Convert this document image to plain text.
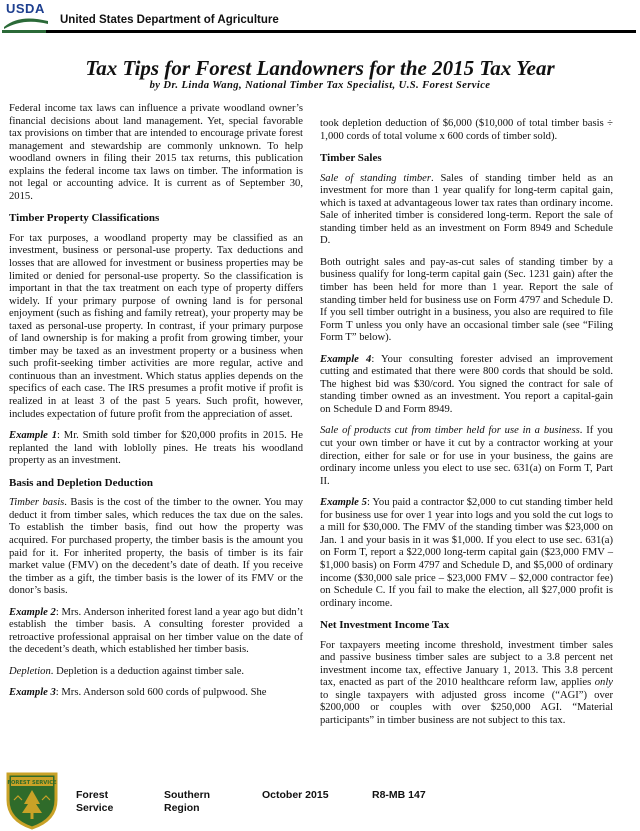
USDA
United States Department of Agriculture
Tax Tips for Forest Landowners for the 2015 Tax Year
by Dr. Linda Wang, National Timber Tax Specialist, U.S. Forest Service

Federal income tax laws can influence a private woodland owner’s financial decisions about land management. Yet, special favorable tax provisions on timber that are intended to encourage private forest management and stewardship are commonly unknown. To help woodland owners in filing their 2015 tax returns, this publication explains the federal income tax laws on timber. The information is not legal or accounting advice. It is current as of September 30, 2015.

Timber Property Classifications

For tax purposes, a woodland property may be classified as an investment, business or personal-use property. Tax deductions and losses that are allowed for investment or business properties may be limited or denied for personal-use property. So the classification is important in that the tax treatment on each type of property differs widely. If your primary purpose of owning land is for personal enjoyment (such as fishing and family retreat), your property may be taxed as personal-use property. In contrast, if your primary purpose of land ownership is for making a profit from growing timber, your timber may be taxed as an investment property or a business when such profit-seeking timber activities are more regular, active and continuous than an investment. Which status applies depends on the specifics of each case. The IRS presumes a profit motive if profit is realized in at least 3 of the past 5 years. Such profit, however, includes expectation of future profit from the appreciation of asset.

Example 1: Mr. Smith sold timber for $20,000 profits in 2015. He replanted the land with loblolly pines. He treats his woodland property as an investment.

Basis and Depletion Deduction

Timber basis. Basis is the cost of the timber to the owner. You may deduct it from timber sales, which reduces the tax due on the sales. To establish the timber basis, find out how the property was acquired. For purchased property, the timber basis is the amount you paid for it. For inherited property, the basis of timber is its fair market value (FMV) on the decedent’s date of death. If you receive the timber as a gift, the timber basis is the lower of its FMV or the donor’s basis.

Example 2: Mrs. Anderson inherited forest land a year ago but didn’t establish the timber basis. A consulting forester provided a retroactive professional appraisal on her timber value on the date of the decedent’s death, which established her timber basis.

Depletion. Depletion is a deduction against timber sale.

Example 3: Mrs. Anderson sold 600 cords of pulpwood. She

took depletion deduction of $6,000 ($10,000 of total timber basis ÷ 1,000 cords of total volume x 600 cords of timber sold).

Timber Sales

Sale of standing timber. Sales of standing timber held as an investment for more than 1 year qualify for long-term capital gain, which is taxed at advantageous lower tax rates than ordinary income. Sale of inherited timber is considered long-term. Report the sale of standing timber held as an investment on Form 8949 and Schedule D.

Both outright sales and pay-as-cut sales of standing timber by a business qualify for long-term capital gain (Sec. 1231 gain) after the timber has been held for more than 1 year. Report the sale of standing timber held for business use on Form 4797 and Schedule D. If you sell timber outright in a business, you also are required to file Form T unless you only have an occasional timber sale (see “Filing Form T” below).

Example 4: Your consulting forester advised an improvement cutting and estimated that there were 800 cords that should be sold. The highest bid was $30/cord. You signed the contract for sale of standing timber owned as an investment. You report a capital-gain on Schedule D and Form 8949.

Sale of products cut from timber held for use in a business. If you cut your own timber or have it cut by a contractor working at your direction, either for sale or for use in your business, the gains are ordinary income unless you elect to use sec. 631(a) on Form T, Part II.

Example 5: You paid a contractor $2,000 to cut standing timber held for business use for over 1 year into logs and you sold the cut logs to a mill for $30,000. The FMV of the standing timber was $23,000 on Jan. 1 and your basis in it was $1,000. If you elect to use sec. 631(a) on Form T, report a $22,000 long-term capital gain ($23,000 FMV – $1,000 basis) on Form 4797 and Schedule D, and $5,000 of ordinary income ($30,000 sale price – $23,000 FMV – $2,000 contractor fee) on Schedule C. If you fail to make the election, all $27,000 profit is ordinary income.

Net Investment Income Tax

For taxpayers meeting income threshold, investment timber sales and passive business timber sales are subject to a 3.8 percent net investment income tax, effective January 1, 2013. This 3.8 percent tax, enacted as part of the 2010 healthcare reform law, applies only to single taxpayers with adjusted gross income (“AGI”) over $200,000 or couples with over $250,000 AGI. “Material participants” in timber business are not subject to this tax.

FOREST SERVICE
Forest
Service
Southern
Region
October 2015	R8-MB 147
